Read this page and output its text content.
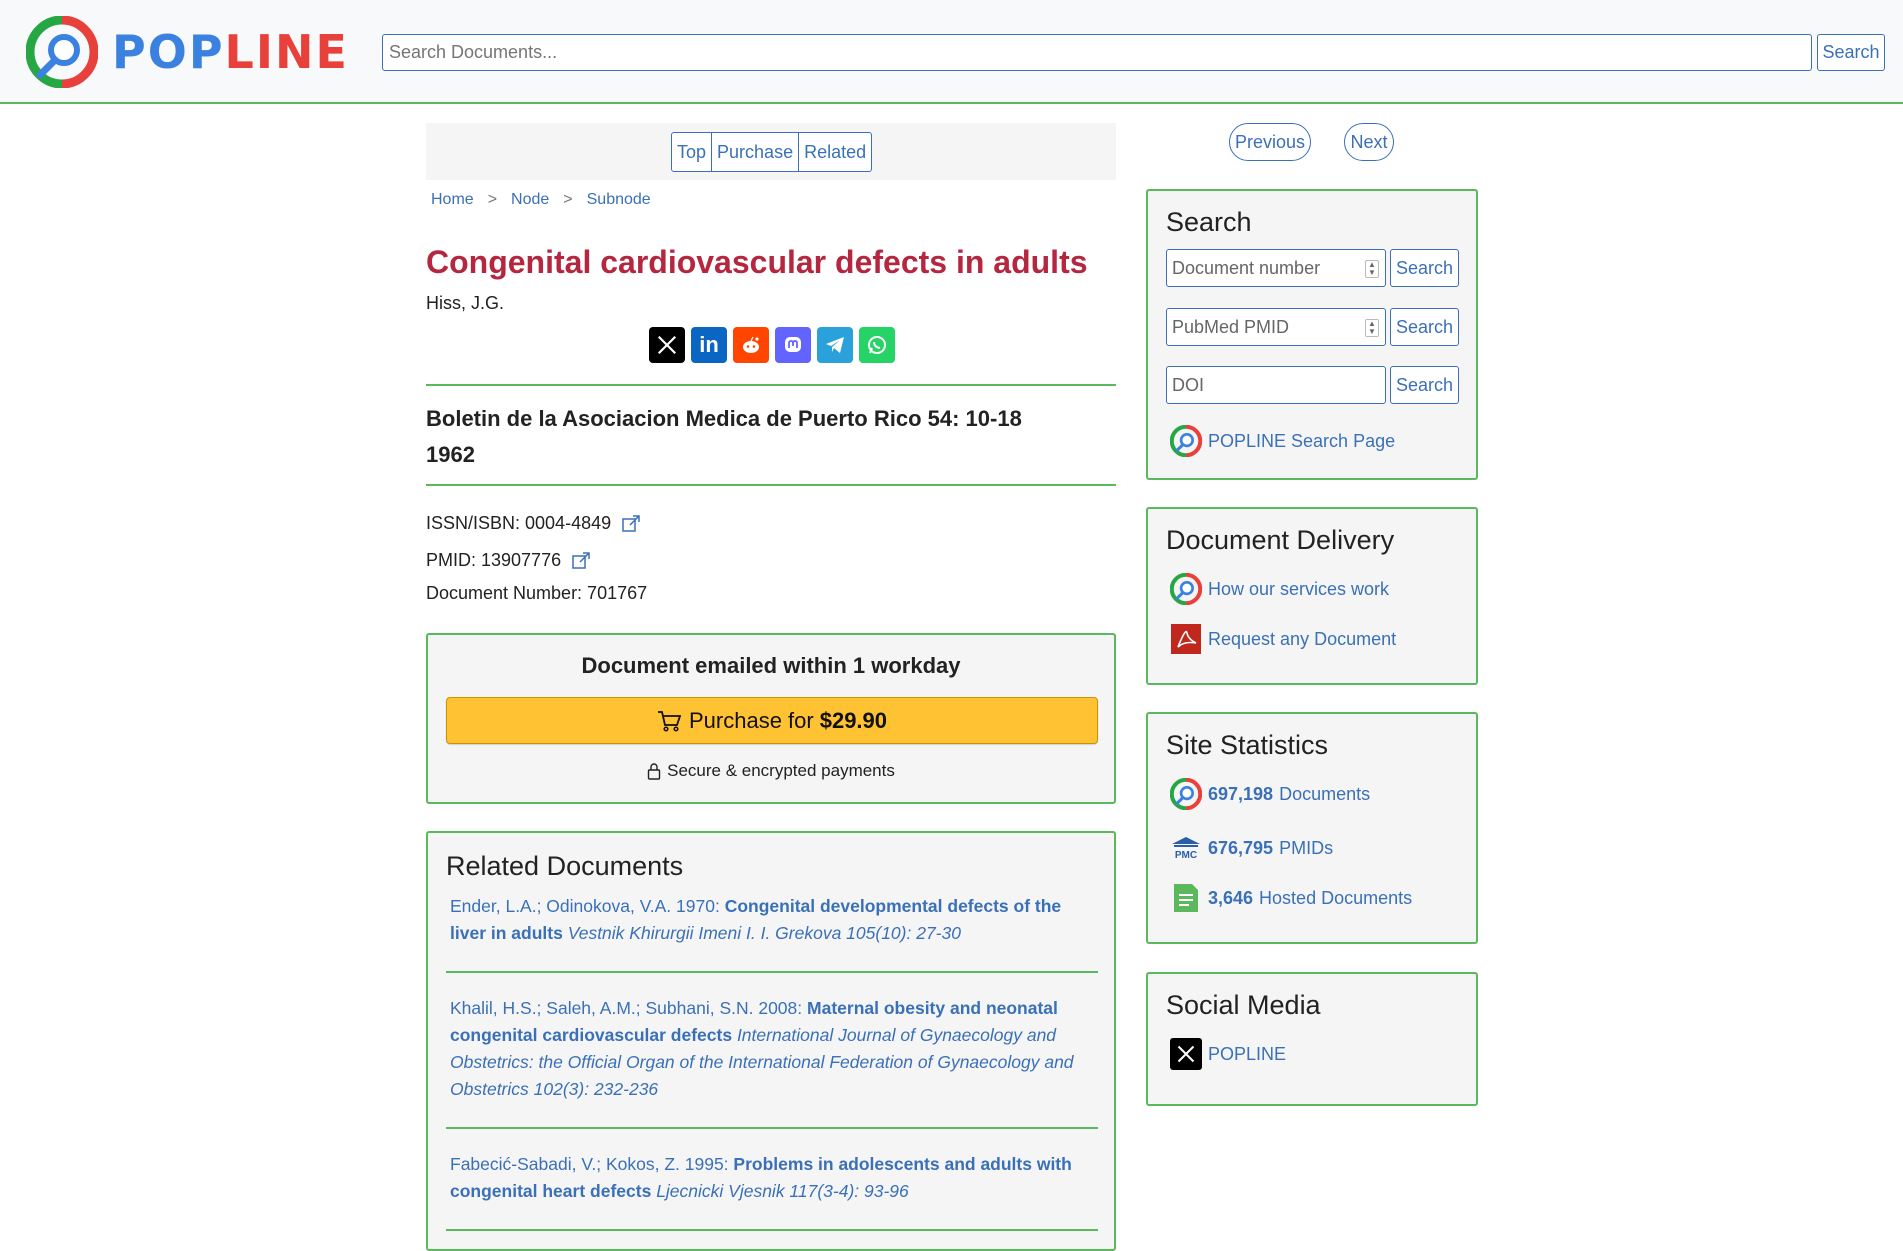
POPLINE
Search Documents...	Search
Top Purchase Related
Home > Node > Subnode
Congenital cardiovascular defects in adults
Hiss, J.G.
in
Boletin de la Asociacion Medica de Puerto Rico 54: 10-18
1962
ISSN/ISBN: 0004-4849
PMID: 13907776
Document Number: 701767
Document emailed within 1 workday
Purchase for $29.90
Secure & encrypted payments
Related Documents
Ender, L.A.; Odinokova, V.A. 1970: Congenital developmental defects of the liver in adults Vestnik Khirurgii Imeni I. I. Grekova 105(10): 27-30
Khalil, H.S.; Saleh, A.M.; Subhani, S.N. 2008: Maternal obesity and neonatal congenital cardiovascular defects International Journal of Gynaecology and Obstetrics: the Official Organ of the International Federation of Gynaecology and Obstetrics 102(3): 232-236
Fabecić-Sabadi, V.; Kokos, Z. 1995: Problems in adolescents and adults with congenital heart defects Ljecnicki Vjesnik 117(3-4): 93-96
Previous	Next
Search
Document number	▲
▼	Search
PubMed PMID	▲
▼	Search
DOI	Search
POPLINE Search Page
Document Delivery
How our services work
Request any Document
Site Statistics
697,198 Documents
PMC 676,795 PMIDs
3,646 Hosted Documents
Social Media
POPLINE
